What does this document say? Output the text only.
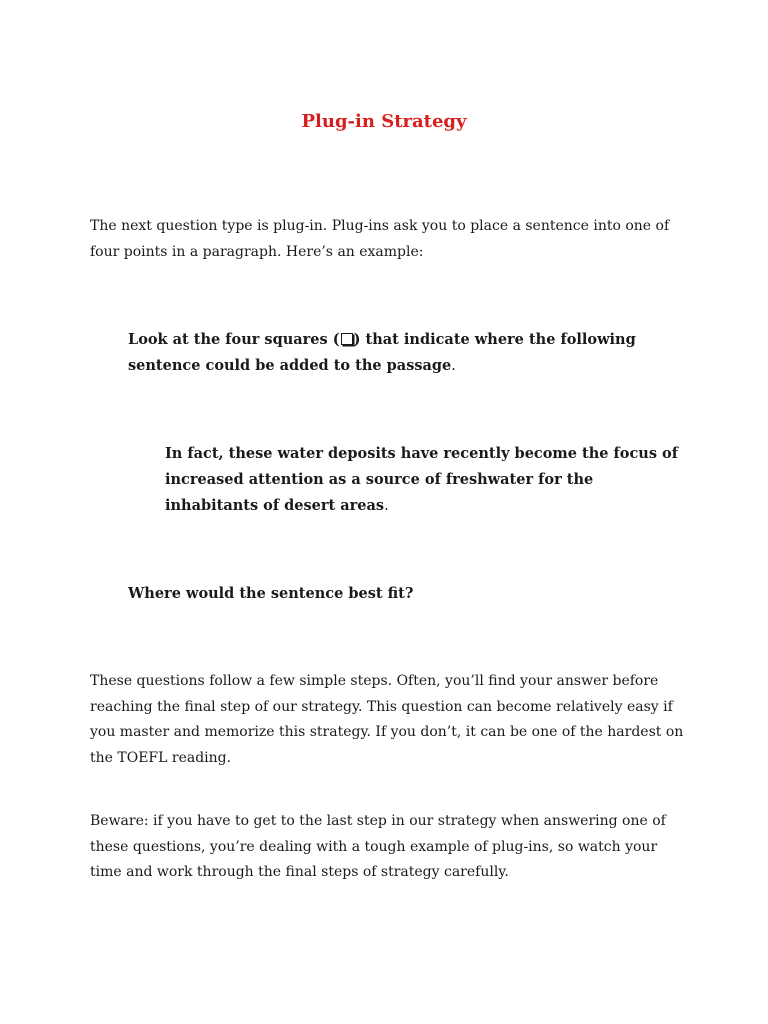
Plug-in Strategy

The next question type is plug-in. Plug-ins ask you to place a sentence into one of four points in a paragraph. Here’s an example:

Look at the four squares ( ) that indicate where the following sentence could be added to the passage.

In fact, these water deposits have recently become the focus of increased attention as a source of freshwater for the inhabitants of desert areas.

Where would the sentence best fit?

These questions follow a few simple steps. Often, you’ll find your answer before reaching the final step of our strategy. This question can become relatively easy if you master and memorize this strategy. If you don’t, it can be one of the hardest on the TOEFL reading.

Beware: if you have to get to the last step in our strategy when answering one of these questions, you’re dealing with a tough example of plug-ins, so watch your time and work through the final steps of strategy carefully.
